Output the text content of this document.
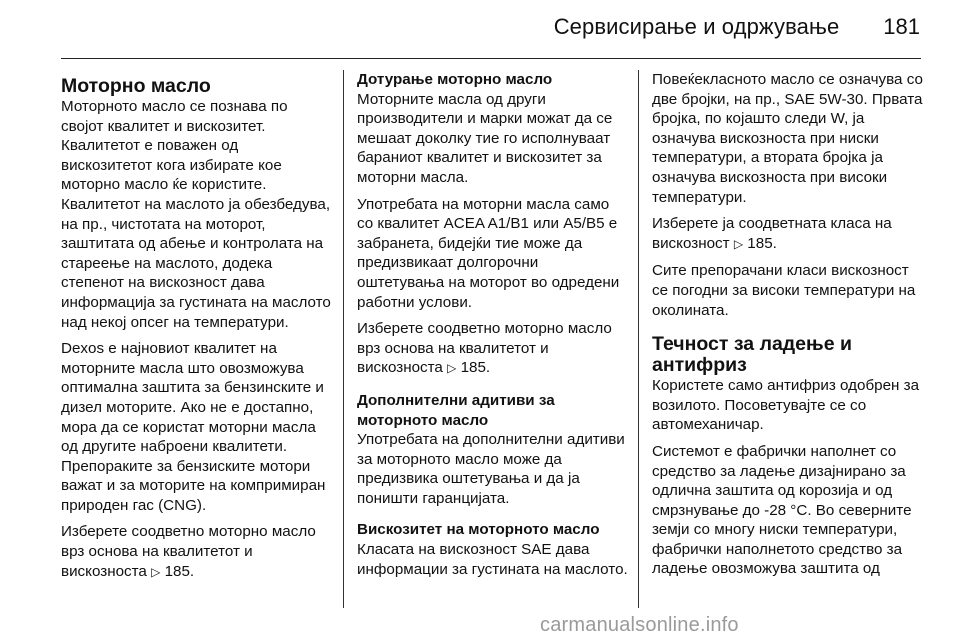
Сервисирање и одржување 181
Моторно масло

Моторното масло се познава по својот квалитет и вискозитет. Квалитетот е поважен од вискозитетот кога избирате кое моторно масло ќе користите. Квалитетот на маслото ја обезбедува, на пр., чистотата на моторот, заштитата од абење и контролата на стареење на маслото, додека степенот на вискозност дава информација за густината на маслото над некој опсег на температури.

Dexos е најновиот квалитет на моторните масла што овозможува оптимална заштита за бензинските и дизел моторите. Ако не е достапно, мора да се користат моторни масла од другите наброени квалитети. Препораките за бензиските мотори важат и за моторите на компримиран природен гас (CNG).

Изберете соодветно моторно масло врз основа на квалитетот и вискозноста ▷ 185.

Дотурање моторно масло

Моторните масла од други производители и марки можат да се мешаат доколку тие го исполнуваат бараниот квалитет и вискозитет за моторни масла.

Употребата на моторни масла само со квалитет ACEA A1/B1 или A5/B5 е забранета, бидејќи тие може да предизвикаат долгорочни оштетувања на моторот во одредени работни услови.

Изберете соодветно моторно масло врз основа на квалитетот и вискозноста ▷ 185.

Дополнителни адитиви за моторното масло

Употребата на дополнителни адитиви за моторното масло може да предизвика оштетувања и да ја поништи гаранцијата.

Вискозитет на моторното масло

Класата на вискозност SAE дава информации за густината на маслото.

Повеќекласното масло се означува со две бројки, на пр., SAE 5W-30. Првата бројка, по којашто следи W, ја означува вискозноста при ниски температури, а втората бројка ја означува вискозноста при високи температури.

Изберете ја соодветната класа на вискозност ▷ 185.

Сите препорачани класи вискозност се погодни за високи температури на околината.

Течност за ладење и антифриз

Користете само антифриз одобрен за возилото. Посоветувајте се со автомеханичар.

Системот е фабрички наполнет со средство за ладење дизајнирано за одлична заштита од корозија и од смрзнување до -28 °C. Во северните земји со многу ниски температури, фабрички наполнетото средство за ладење овозможува заштита од

carmanualsonline.info
